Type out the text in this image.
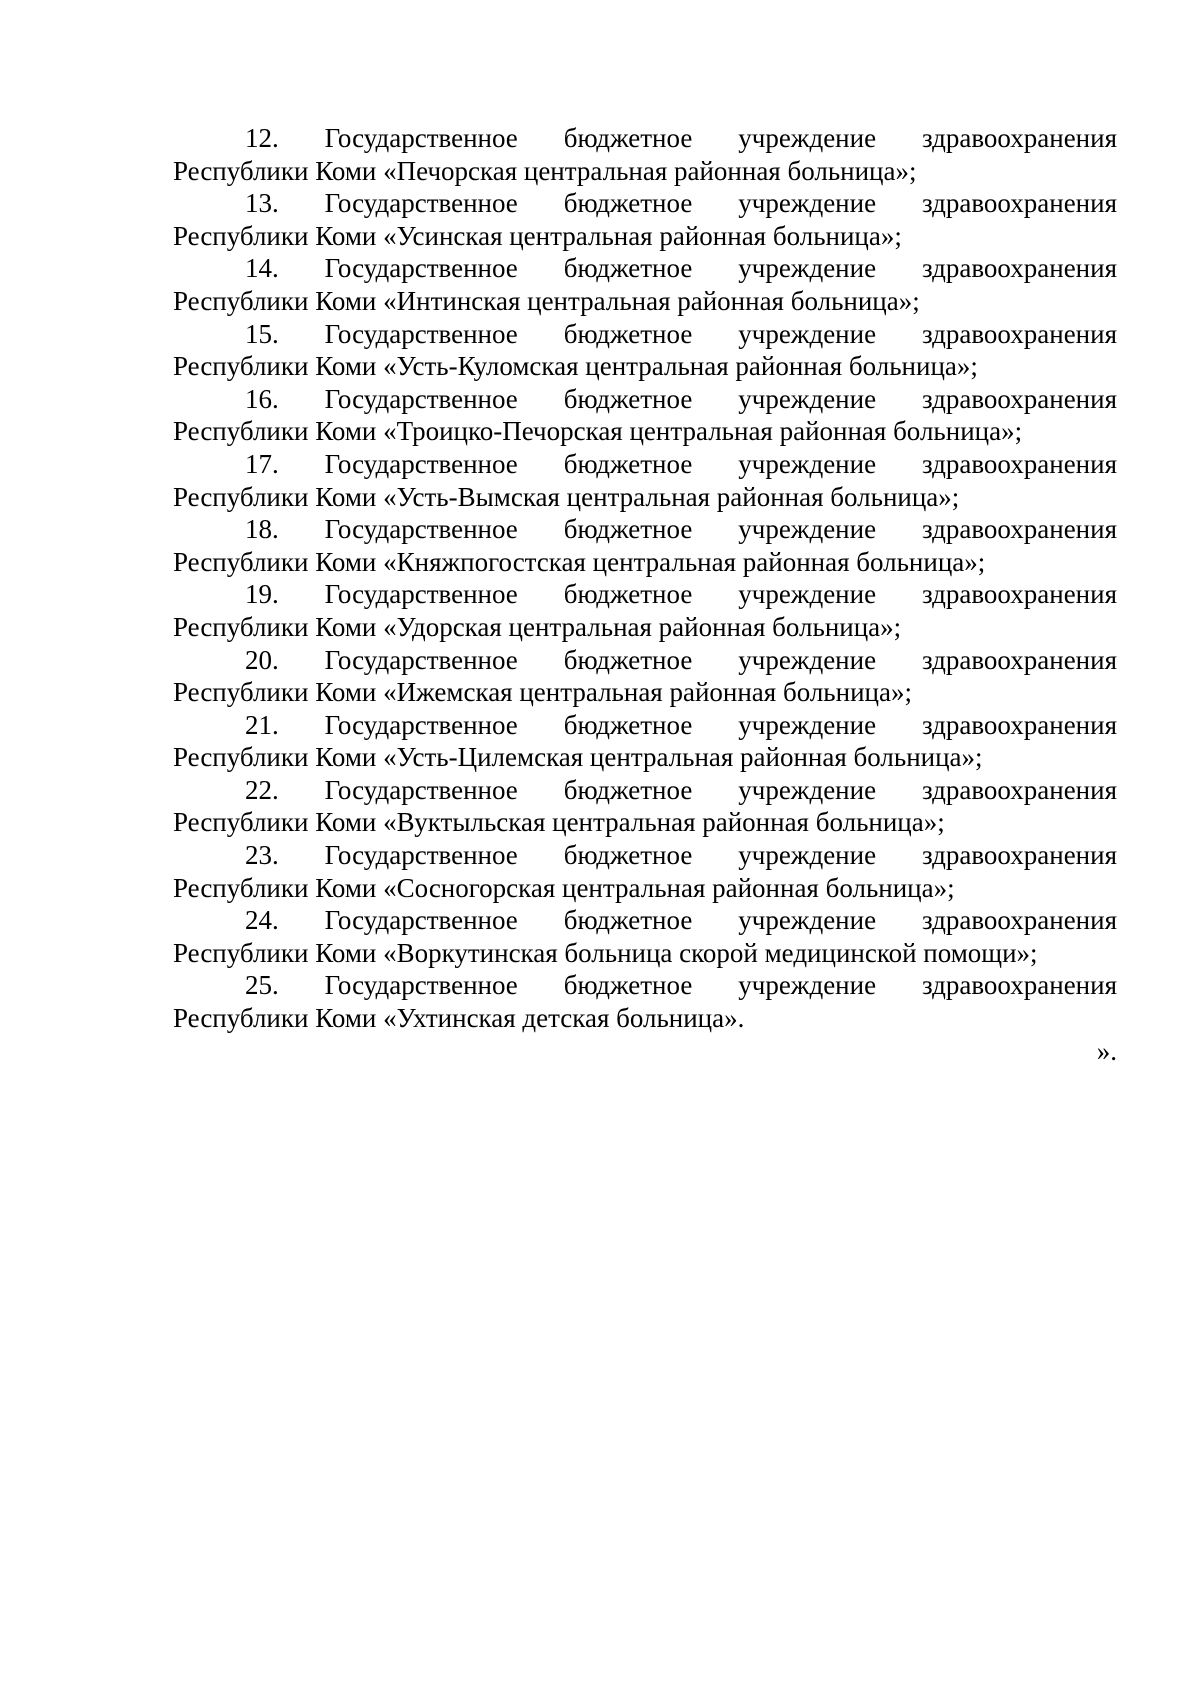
12. Государственное бюджетное учреждение здравоохранения
Республики Коми «Печорская центральная районная больница»;
13. Государственное бюджетное учреждение здравоохранения
Республики Коми «Усинская центральная районная больница»;
14. Государственное бюджетное учреждение здравоохранения
Республики Коми «Интинская центральная районная больница»;
15. Государственное бюджетное учреждение здравоохранения
Республики Коми «Усть-Куломская центральная районная больница»;
16. Государственное бюджетное учреждение здравоохранения
Республики Коми «Троицко-Печорская центральная районная больница»;
17. Государственное бюджетное учреждение здравоохранения
Республики Коми «Усть-Вымская центральная районная больница»;
18. Государственное бюджетное учреждение здравоохранения
Республики Коми «Княжпогостская центральная районная больница»;
19. Государственное бюджетное учреждение здравоохранения
Республики Коми «Удорская центральная районная больница»;
20. Государственное бюджетное учреждение здравоохранения
Республики Коми «Ижемская центральная районная больница»;
21. Государственное бюджетное учреждение здравоохранения
Республики Коми «Усть-Цилемская центральная районная больница»;
22. Государственное бюджетное учреждение здравоохранения
Республики Коми «Вуктыльская центральная районная больница»;
23. Государственное бюджетное учреждение здравоохранения
Республики Коми «Сосногорская центральная районная больница»;
24. Государственное бюджетное учреждение здравоохранения
Республики Коми «Воркутинская больница скорой медицинской помощи»;
25. Государственное бюджетное учреждение здравоохранения
Республики Коми «Ухтинская детская больница».
».
